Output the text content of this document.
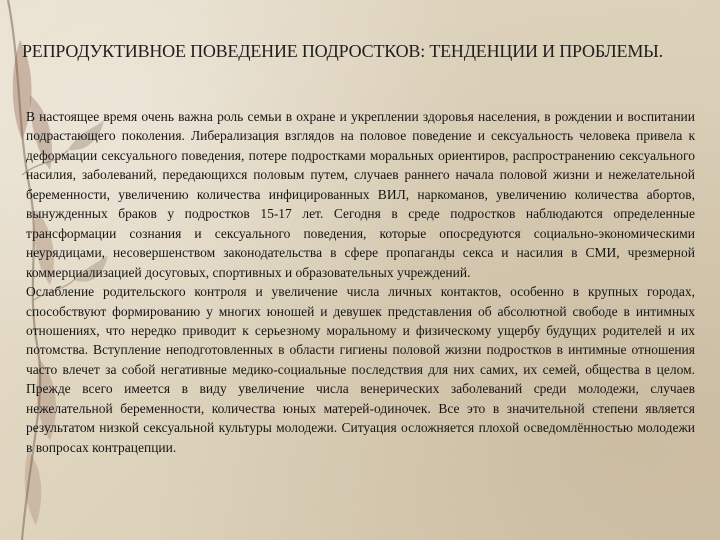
РЕПРОДУКТИВНОЕ ПОВЕДЕНИЕ ПОДРОСТКОВ: ТЕНДЕНЦИИ И ПРОБЛЕМЫ.

В настоящее время очень важна роль семьи в охране и укреплении здоровья населения, в рождении и воспитании подрастающего поколения. Либерализация взглядов на половое поведение и сексуальность человека привела к деформации сексуального поведения, потере подростками моральных ориентиров, распространению сексуального насилия, заболеваний, передающихся половым путем, случаев раннего начала половой жизни и нежелательной беременности, увеличению количества инфицированных ВИЛ, наркоманов, увеличению количества абортов, вынужденных браков у подростков 15-17 лет. Сегодня в среде подростков наблюдаются определенные трансформации сознания и сексуального поведения, которые опосредуются социально-экономическими неурядицами, несовершенством законодательства в сфере пропаганды секса и насилия в СМИ, чрезмерной коммерциализацией досуговых, спортивных и образовательных учреждений.

Ослабление родительского контроля и увеличение числа личных контактов, особенно в крупных городах, способствуют формированию у многих юношей и девушек представления об абсолютной свободе в интимных отношениях, что нередко приводит к серьезному моральному и физическому ущербу будущих родителей и их потомства. Вступление неподготовленных в области гигиены половой жизни подростков в интимные отношения часто влечет за собой негативные медико-социальные последствия для них самих, их семей, общества в целом. Прежде всего имеется в виду увеличение числа венерических заболеваний среди молодежи, случаев нежелательной беременности, количества юных матерей-одиночек. Все это в значительной степени является результатом низкой сексуальной культуры молодежи. Ситуация осложняется плохой осведомлённостью молодежи в вопросах контрацепции.
